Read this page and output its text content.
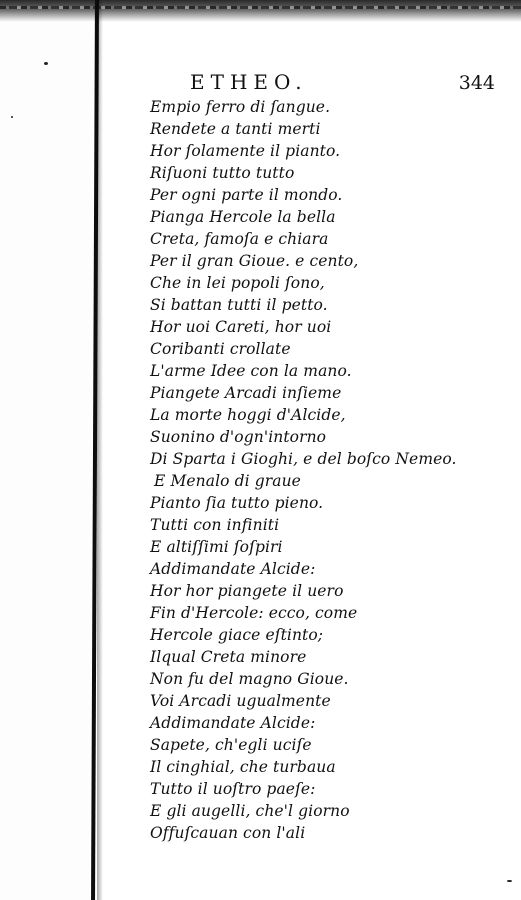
ETHEO.	344
Empio ferro di ſangue.
Rendete a tanti merti
Hor ſolamente il pianto.
Riſuoni tutto tutto
Per ogni parte il mondo.
Pianga Hercole la bella
Creta, famoſa e chiara
Per il gran Gioue. e cento,
Che in lei popoli ſono,
Si battan tutti il petto.
Hor uoi Careti, hor uoi
Coribanti crollate
L'arme Idee con la mano.
Piangete Arcadi inſieme
La morte hoggi d'Alcide,
Suonino d'ogn'intorno
Di Sparta i Gioghi, e del boſco Nemeo.
E Menalo di graue
Pianto ſia tutto pieno.
Tutti con infiniti
E altiſſimi ſoſpiri
Addimandate Alcide:
Hor hor piangete il uero
Fin d'Hercole: ecco, come
Hercole giace eſtinto;
Ilqual Creta minore
Non fu del magno Gioue.
Voi Arcadi ugualmente
Addimandate Alcide:
Sapete, ch'egli uciſe
Il cinghial, che turbaua
Tutto il uoſtro paeſe:
E gli augelli, che'l giorno
Offuſcauan con l'ali
